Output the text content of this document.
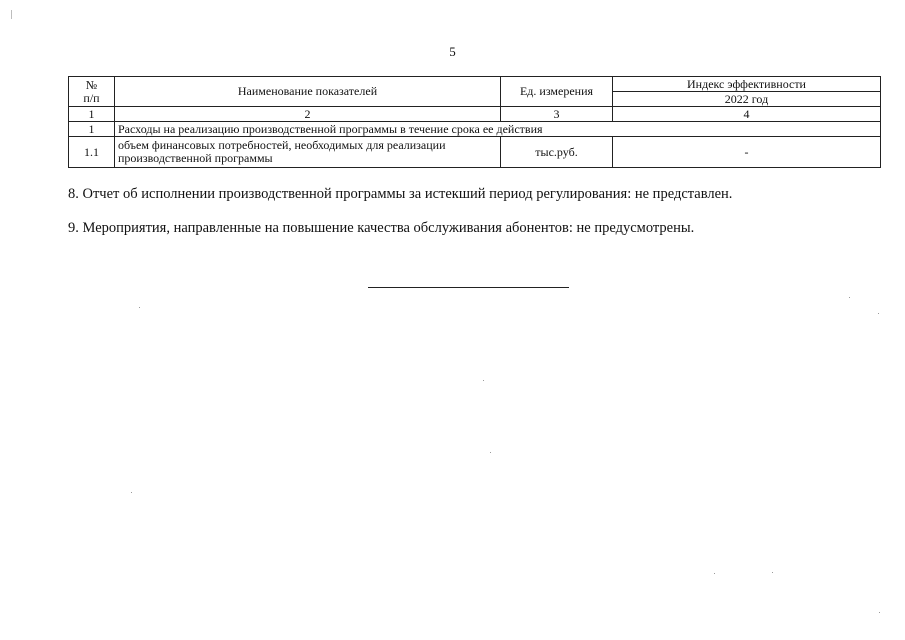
5
№
п/п	Наименование показателей	Ед. измерения	Индекс эффективности
			2022 год
1	2	3	4
1	Расходы на реализацию производственной программы в течение срока ее действия		
1.1	объем финансовых потребностей, необходимых для реализации производственной программы	тыс.руб.	-
8. Отчет об исполнении производственной программы за истекший период регулирования: не представлен.
9. Мероприятия, направленные на повышение качества обслуживания абонентов: не предусмотрены.
